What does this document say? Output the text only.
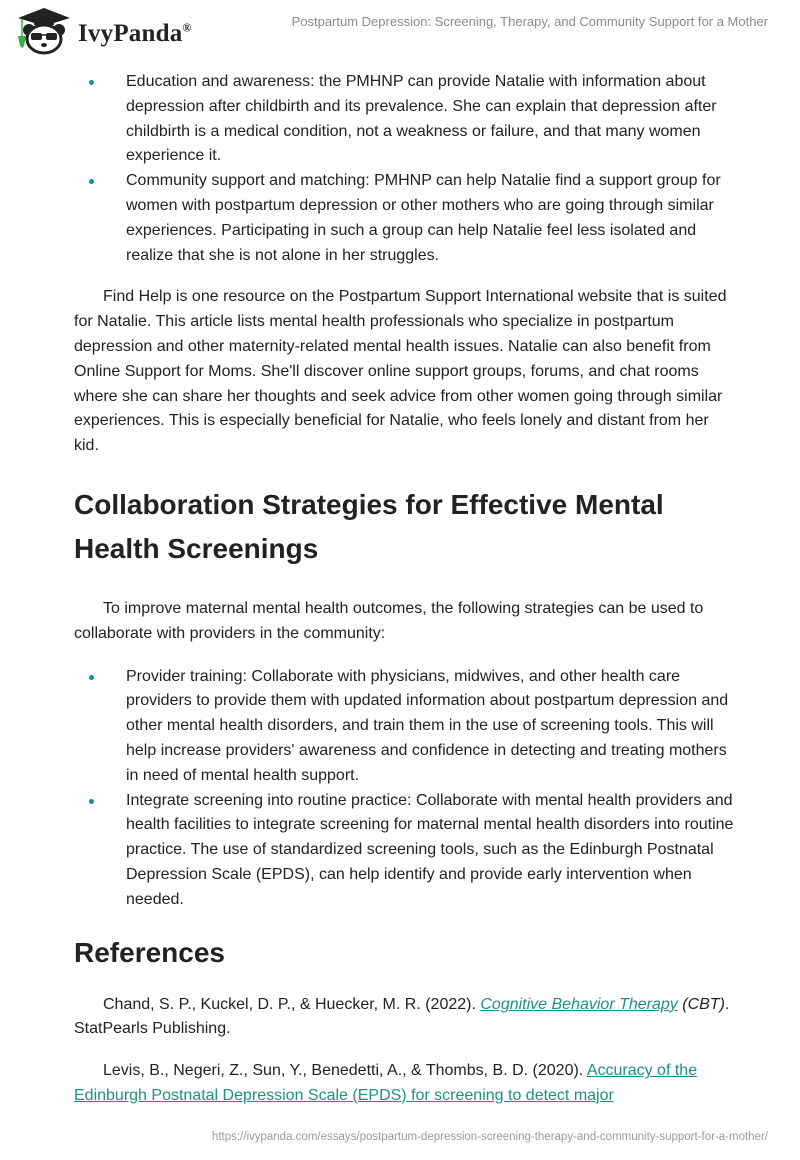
IvyPanda®	Postpartum Depression: Screening, Therapy, and Community Support for a Mother
Education and awareness: the PMHNP can provide Natalie with information about depression after childbirth and its prevalence. She can explain that depression after childbirth is a medical condition, not a weakness or failure, and that many women experience it.
Community support and matching: PMHNP can help Natalie find a support group for women with postpartum depression or other mothers who are going through similar experiences. Participating in such a group can help Natalie feel less isolated and realize that she is not alone in her struggles.

Find Help is one resource on the Postpartum Support International website that is suited for Natalie. This article lists mental health professionals who specialize in postpartum depression and other maternity-related mental health issues. Natalie can also benefit from Online Support for Moms. She'll discover online support groups, forums, and chat rooms where she can share her thoughts and seek advice from other women going through similar experiences. This is especially beneficial for Natalie, who feels lonely and distant from her kid.

Collaboration Strategies for Effective Mental Health Screenings

To improve maternal mental health outcomes, the following strategies can be used to collaborate with providers in the community:

Provider training: Collaborate with physicians, midwives, and other health care providers to provide them with updated information about postpartum depression and other mental health disorders, and train them in the use of screening tools. This will help increase providers' awareness and confidence in detecting and treating mothers in need of mental health support.
Integrate screening into routine practice: Collaborate with mental health providers and health facilities to integrate screening for maternal mental health disorders into routine practice. The use of standardized screening tools, such as the Edinburgh Postnatal Depression Scale (EPDS), can help identify and provide early intervention when needed.
References

Chand, S. P., Kuckel, D. P., & Huecker, M. R. (2022). Cognitive Behavior Therapy (CBT). StatPearls Publishing.

Levis, B., Negeri, Z., Sun, Y., Benedetti, A., & Thombs, B. D. (2020). Accuracy of the Edinburgh Postnatal Depression Scale (EPDS) for screening to detect major

https://ivypanda.com/essays/postpartum-depression-screening-therapy-and-community-support-for-a-mother/
